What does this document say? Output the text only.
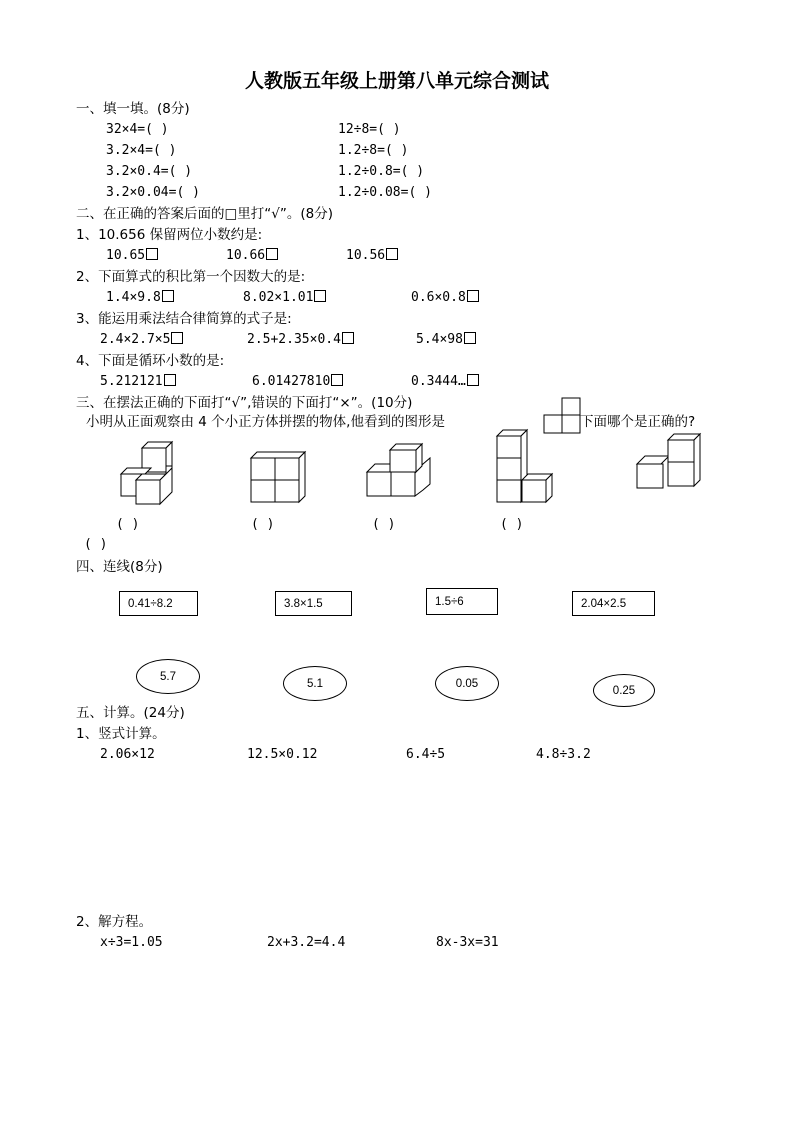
人教版五年级上册第八单元综合测试
一、填一填。(8分)
32×4=( )	12÷8=( )
3.2×4=( )	1.2÷8=( )
3.2×0.4=( )	1.2÷0.8=( )
3.2×0.04=( )	1.2÷0.08=( )
二、在正确的答案后面的□里打“√”。(8分)
1、10.656 保留两位小数约是:
10.65	10.66	10.56
2、下面算式的积比第一个因数大的是:
1.4×9.8	8.02×1.01	0.6×0.8
3、能运用乘法结合律简算的式子是:
2.4×2.7×5	2.5+2.35×0.4	5.4×98
4、下面是循环小数的是:
5.212121	6.01427810	0.3444…
三、在摆法正确的下面打“√”,错误的下面打“×”。(10分)
小明从正面观察由 4 个小正方体拼摆的物体,他看到的图形是	下面哪个是正确的?
( )	( )	( )	( )
( )
四、连线(8分)
0.41÷8.2	3.8×1.5	1.5÷6	2.04×2.5
5.7
5.1	0.05
0.25
五、计算。(24分)
1、竖式计算。
2.06×12	12.5×0.12	6.4÷5	4.8÷3.2
2、解方程。
x÷3=1.05	2x+3.2=4.4	8x-3x=31
